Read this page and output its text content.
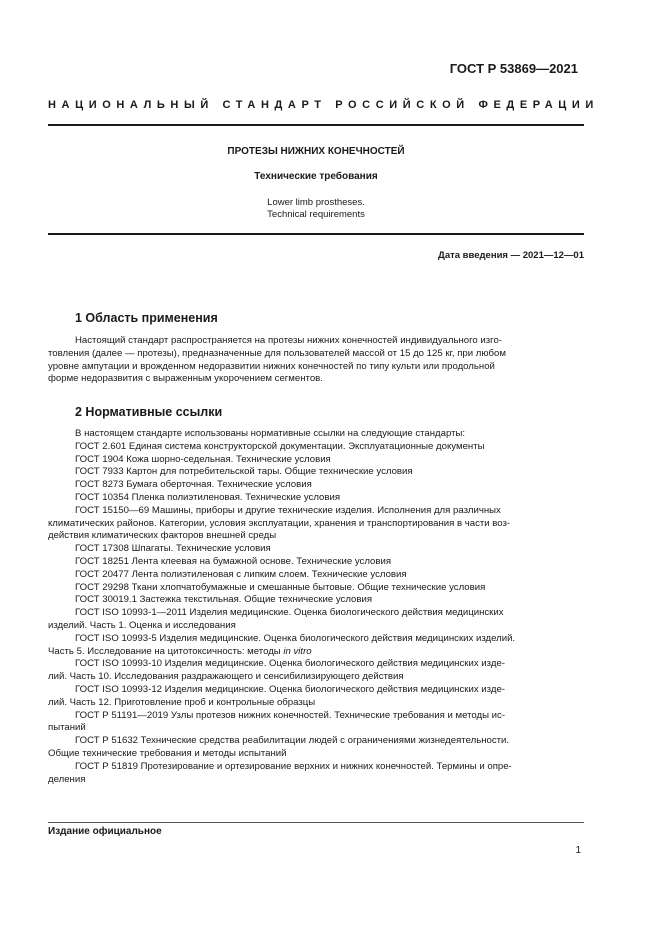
ГОСТ Р 53869—2021
НАЦИОНАЛЬНЫЙ СТАНДАРТ РОССИЙСКОЙ ФЕДЕРАЦИИ
ПРОТЕЗЫ НИЖНИХ КОНЕЧНОСТЕЙ
Технические требования
Lower limb prostheses.
Technical requirements
Дата введения — 2021—12—01
1 Область применения
Настоящий стандарт распространяется на протезы нижних конечностей индивидуального изго-
товления (далее — протезы), предназначенные для пользователей массой от 15 до 125 кг, при любом
уровне ампутации и врожденном недоразвитии нижних конечностей по типу культи или продольной
форме недоразвития с выраженным укорочением сегментов.
2 Нормативные ссылки
В настоящем стандарте использованы нормативные ссылки на следующие стандарты:
ГОСТ 2.601 Единая система конструкторской документации. Эксплуатационные документы
ГОСТ 1904 Кожа шорно-седельная. Технические условия
ГОСТ 7933 Картон для потребительской тары. Общие технические условия
ГОСТ 8273 Бумага оберточная. Технические условия
ГОСТ 10354 Пленка полиэтиленовая. Технические условия
ГОСТ 15150—69 Машины, приборы и другие технические изделия. Исполнения для различных
климатических районов. Категории, условия эксплуатации, хранения и транспортирования в части воз-
действия климатических факторов внешней среды
ГОСТ 17308 Шпагаты. Технические условия
ГОСТ 18251 Лента клеевая на бумажной основе. Технические условия
ГОСТ 20477 Лента полиэтиленовая с липким слоем. Технические условия
ГОСТ 29298 Ткани хлопчатобумажные и смешанные бытовые. Общие технические условия
ГОСТ 30019.1 Застежка текстильная. Общие технические условия
ГОСТ ISO 10993-1—2011 Изделия медицинские. Оценка биологического действия медицинских
изделий. Часть 1. Оценка и исследования
ГОСТ ISO 10993-5 Изделия медицинские. Оценка биологического действия медицинских изделий.
Часть 5. Исследование на цитотоксичность: методы in vitro
ГОСТ ISO 10993-10 Изделия медицинские. Оценка биологического действия медицинских изде-
лий. Часть 10. Исследования раздражающего и сенсибилизирующего действия
ГОСТ ISO 10993-12 Изделия медицинские. Оценка биологического действия медицинских изде-
лий. Часть 12. Приготовление проб и контрольные образцы
ГОСТ Р 51191—2019 Узлы протезов нижних конечностей. Технические требования и методы ис-
пытаний
ГОСТ Р 51632 Технические средства реабилитации людей с ограничениями жизнедеятельности.
Общие технические требования и методы испытаний
ГОСТ Р 51819 Протезирование и ортезирование верхних и нижних конечностей. Термины и опре-
деления
Издание официальное
1
